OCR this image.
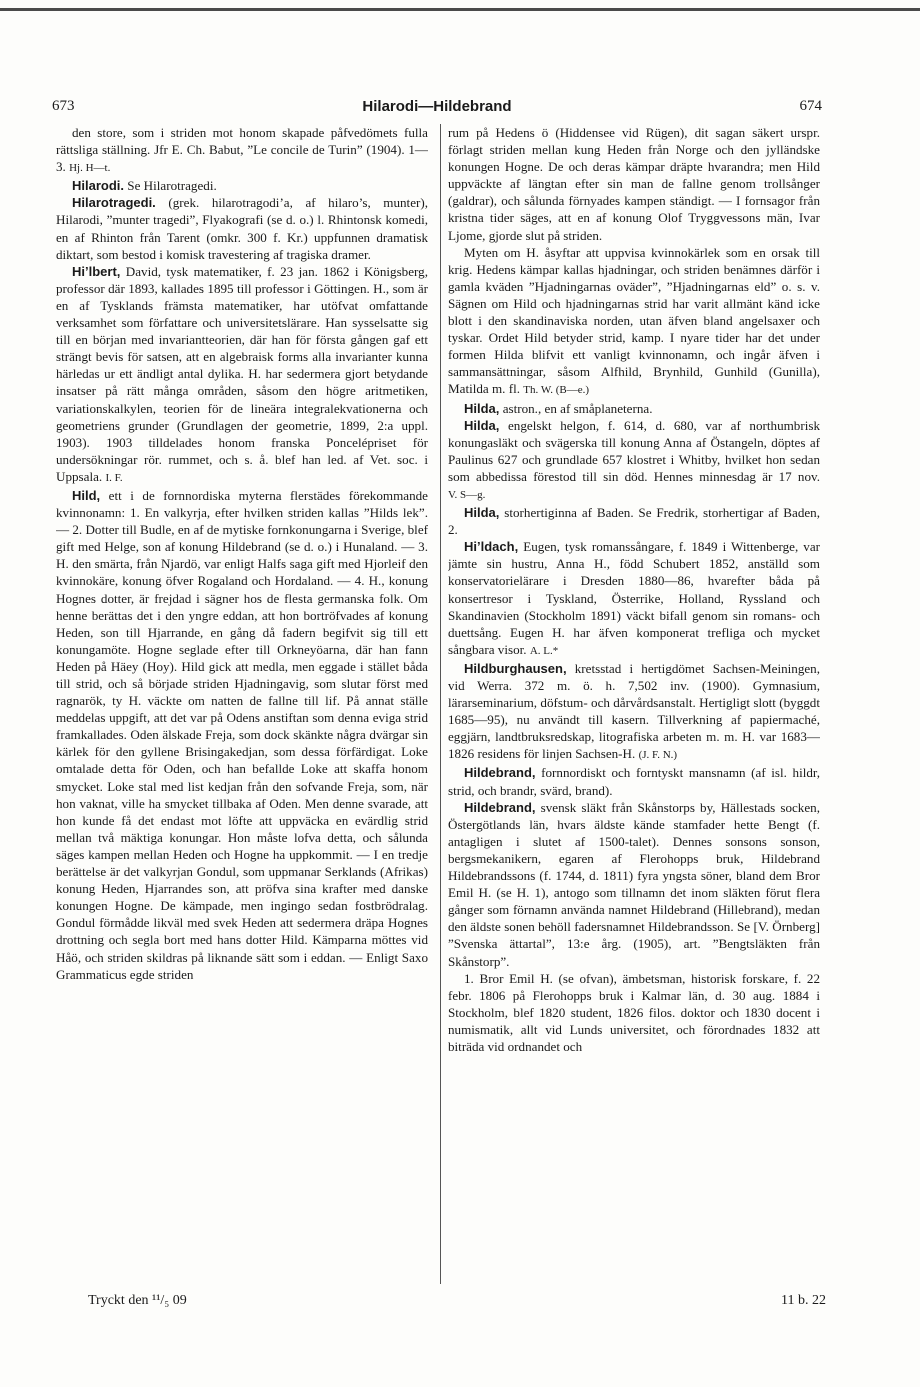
673	Hilarodi—Hildebrand	674

den store, som i striden mot honom skapade påfvedömets fulla rättsliga ställning. Jfr E. Ch. Babut, ”Le concile de Turin” (1904). 1—3. Hj. H—t.

Hilarodi. Se Hilarotragedi.

Hilarotragedi. (grek. hilarotragodi’a, af hilaro’s, munter), Hilarodi, ”munter tragedi”, Flyakografi (se d. o.) l. Rhintonsk komedi, en af Rhinton från Tarent (omkr. 300 f. Kr.) uppfunnen dramatisk diktart, som bestod i komisk travestering af tragiska dramer.

Hi’lbert, David, tysk matematiker, f. 23 jan. 1862 i Königsberg, professor där 1893, kallades 1895 till professor i Göttingen. H., som är en af Tysklands främsta matematiker, har utöfvat omfattande verksamhet som författare och universitetslärare. Han sysselsatte sig till en början med invariantteorien, där han för första gången gaf ett strängt bevis för satsen, att en algebraisk forms alla invarianter kunna härledas ur ett ändligt antal dylika. H. har sedermera gjort betydande insatser på rätt många områden, såsom den högre aritmetiken, variationskalkylen, teorien för de lineära integralekvationerna och geometriens grunder (Grundlagen der geometrie, 1899, 2:a uppl. 1903). 1903 tilldelades honom franska Poncelépriset för undersökningar rör. rummet, och s. å. blef han led. af Vet. soc. i Uppsala. I. F.

Hild, ett i de fornnordiska myterna flerstädes förekommande kvinnonamn: 1. En valkyrja, efter hvilken striden kallas ”Hilds lek”. — 2. Dotter till Budle, en af de mytiske fornkonungarna i Sverige, blef gift med Helge, son af konung Hildebrand (se d. o.) i Hunaland. — 3. H. den smärta, från Njardö, var enligt Halfs saga gift med Hjorleif den kvinnokäre, konung öfver Rogaland och Hordaland. — 4. H., konung Hognes dotter, är frejdad i sägner hos de flesta germanska folk. Om henne berättas det i den yngre eddan, att hon bortröfvades af konung Heden, son till Hjarrande, en gång då fadern begifvit sig till ett konungamöte. Hogne seglade efter till Orkneyöarna, där han fann Heden på Häey (Hoy). Hild gick att medla, men eggade i stället båda till strid, och så började striden Hjadningavig, som slutar först med ragnarök, ty H. väckte om natten de fallne till lif. På annat ställe meddelas uppgift, att det var på Odens anstiftan som denna eviga strid framkallades. Oden älskade Freja, som dock skänkte några dvärgar sin kärlek för den gyllene Brisingakedjan, som dessa förfärdigat. Loke omtalade detta för Oden, och han befallde Loke att skaffa honom smycket. Loke stal med list kedjan från den sofvande Freja, som, när hon vaknat, ville ha smycket tillbaka af Oden. Men denne svarade, att hon kunde få det endast mot löfte att uppväcka en evärdlig strid mellan två mäktiga konungar. Hon måste lofva detta, och sålunda säges kampen mellan Heden och Hogne ha uppkommit. — I en tredje berättelse är det valkyrjan Gondul, som uppmanar Serklands (Afrikas) konung Heden, Hjarrandes son, att pröfva sina krafter med danske konungen Hogne. De kämpade, men ingingo sedan fostbrödralag. Gondul förmådde likväl med svek Heden att sedermera dräpa Hognes drottning och segla bort med hans dotter Hild. Kämparna möttes vid Håö, och striden skildras på liknande sätt som i eddan. — Enligt Saxo Grammaticus egde striden

rum på Hedens ö (Hiddensee vid Rügen), dit sagan säkert urspr. förlagt striden mellan kung Heden från Norge och den jylländske konungen Hogne. De och deras kämpar dräpte hvarandra; men Hild uppväckte af längtan efter sin man de fallne genom trollsånger (galdrar), och sålunda förnyades kampen ständigt. — I fornsagor från kristna tider säges, att en af konung Olof Tryggvessons män, Ivar Ljome, gjorde slut på striden.

Myten om H. åsyftar att uppvisa kvinnokärlek som en orsak till krig. Hedens kämpar kallas hjadningar, och striden benämnes därför i gamla kväden ”Hjadningarnas oväder”, ”Hjadningarnas eld” o. s. v. Sägnen om Hild och hjadningarnas strid har varit allmänt känd icke blott i den skandinaviska norden, utan äfven bland angelsaxer och tyskar. Ordet Hild betyder strid, kamp. I nyare tider har det under formen Hilda blifvit ett vanligt kvinnonamn, och ingår äfven i sammansättningar, såsom Alfhild, Brynhild, Gunhild (Gunilla), Matilda m. fl. Th. W. (B—e.)

Hilda, astron., en af småplaneterna.

Hilda, engelskt helgon, f. 614, d. 680, var af northumbrisk konungasläkt och svägerska till konung Anna af Östangeln, döptes af Paulinus 627 och grundlade 657 klostret i Whitby, hvilket hon sedan som abbedissa förestod till sin död. Hennes minnesdag är 17 nov. V. S—g.

Hilda, storhertiginna af Baden. Se Fredrik, storhertigar af Baden, 2.

Hi’ldach, Eugen, tysk romanssångare, f. 1849 i Wittenberge, var jämte sin hustru, Anna H., född Schubert 1852, anställd som konservatorielärare i Dresden 1880—86, hvarefter båda på konsertresor i Tyskland, Österrike, Holland, Ryssland och Skandinavien (Stockholm 1891) väckt bifall genom sin romans- och duettsång. Eugen H. har äfven komponerat trefliga och mycket sångbara visor. A. L.*

Hildburghausen, kretsstad i hertigdömet Sachsen-Meiningen, vid Werra. 372 m. ö. h. 7,502 inv. (1900). Gymnasium, lärarseminarium, döfstum- och dårvårdsanstalt. Hertigligt slott (byggdt 1685—95), nu användt till kasern. Tillverkning af papiermaché, eggjärn, landtbruksredskap, litografiska arbeten m. m. H. var 1683—1826 residens för linjen Sachsen-H. (J. F. N.)

Hildebrand, fornnordiskt och forntyskt mansnamn (af isl. hildr, strid, och brandr, svärd, brand).

Hildebrand, svensk släkt från Skånstorps by, Hällestads socken, Östergötlands län, hvars äldste kände stamfader hette Bengt (f. antagligen i slutet af 1500-talet). Dennes sonsons sonson, bergsmekanikern, egaren af Flerohopps bruk, Hildebrand Hildebrandssons (f. 1744, d. 1811) fyra yngsta söner, bland dem Bror Emil H. (se H. 1), antogo som tillnamn det inom släkten förut flera gånger som förnamn använda namnet Hildebrand (Hillebrand), medan den äldste sonen behöll fadersnamnet Hildebrandsson. Se [V. Örnberg] ”Svenska ättartal”, 13:e årg. (1905), art. ”Bengtsläkten från Skånstorp”.

1. Bror Emil H. (se ofvan), ämbetsman, historisk forskare, f. 22 febr. 1806 på Flerohopps bruk i Kalmar län, d. 30 aug. 1884 i Stockholm, blef 1820 student, 1826 filos. doktor och 1830 docent i numismatik, allt vid Lunds universitet, och förordnades 1832 att biträda vid ordnandet och

Tryckt den ¹¹/₅ 09	11 b. 22
